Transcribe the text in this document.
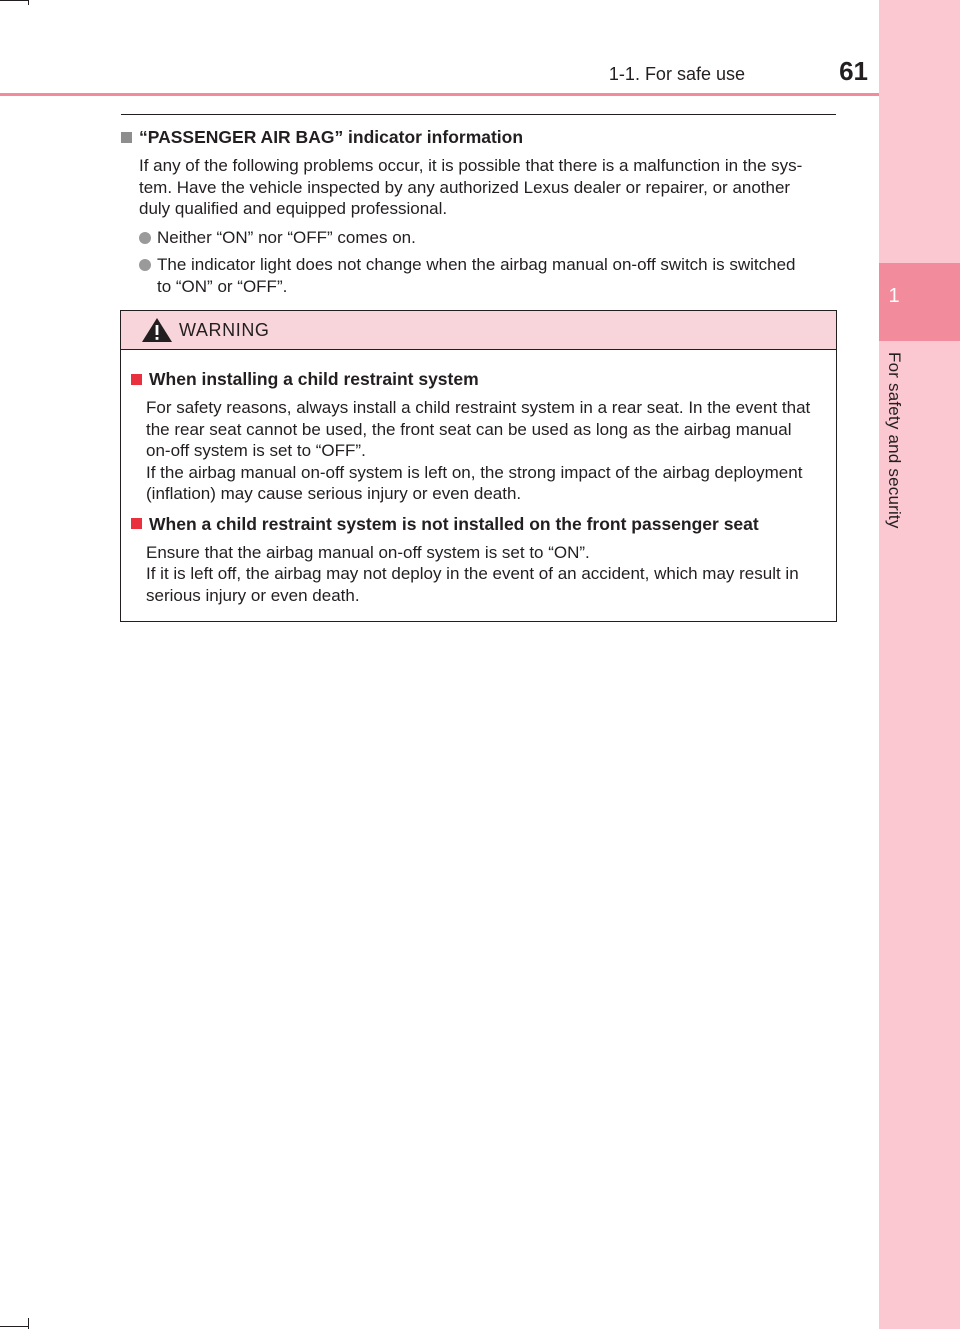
1
For safety and security
1-1. For safe use	61
“PASSENGER AIR BAG” indicator information
If any of the following problems occur, it is possible that there is a malfunction in the sys-
tem. Have the vehicle inspected by any authorized Lexus dealer or repairer, or another
duly qualified and equipped professional.
Neither “ON” nor “OFF” comes on.
The indicator light does not change when the airbag manual on-off switch is switched
to “ON” or “OFF”.
WARNING
When installing a child restraint system
For safety reasons, always install a child restraint system in a rear seat. In the event that
the rear seat cannot be used, the front seat can be used as long as the airbag manual
on-off system is set to “OFF”.
If the airbag manual on-off system is left on, the strong impact of the airbag deployment
(inflation) may cause serious injury or even death.
When a child restraint system is not installed on the front passenger seat
Ensure that the airbag manual on-off system is set to “ON”.
If it is left off, the airbag may not deploy in the event of an accident, which may result in
serious injury or even death.
